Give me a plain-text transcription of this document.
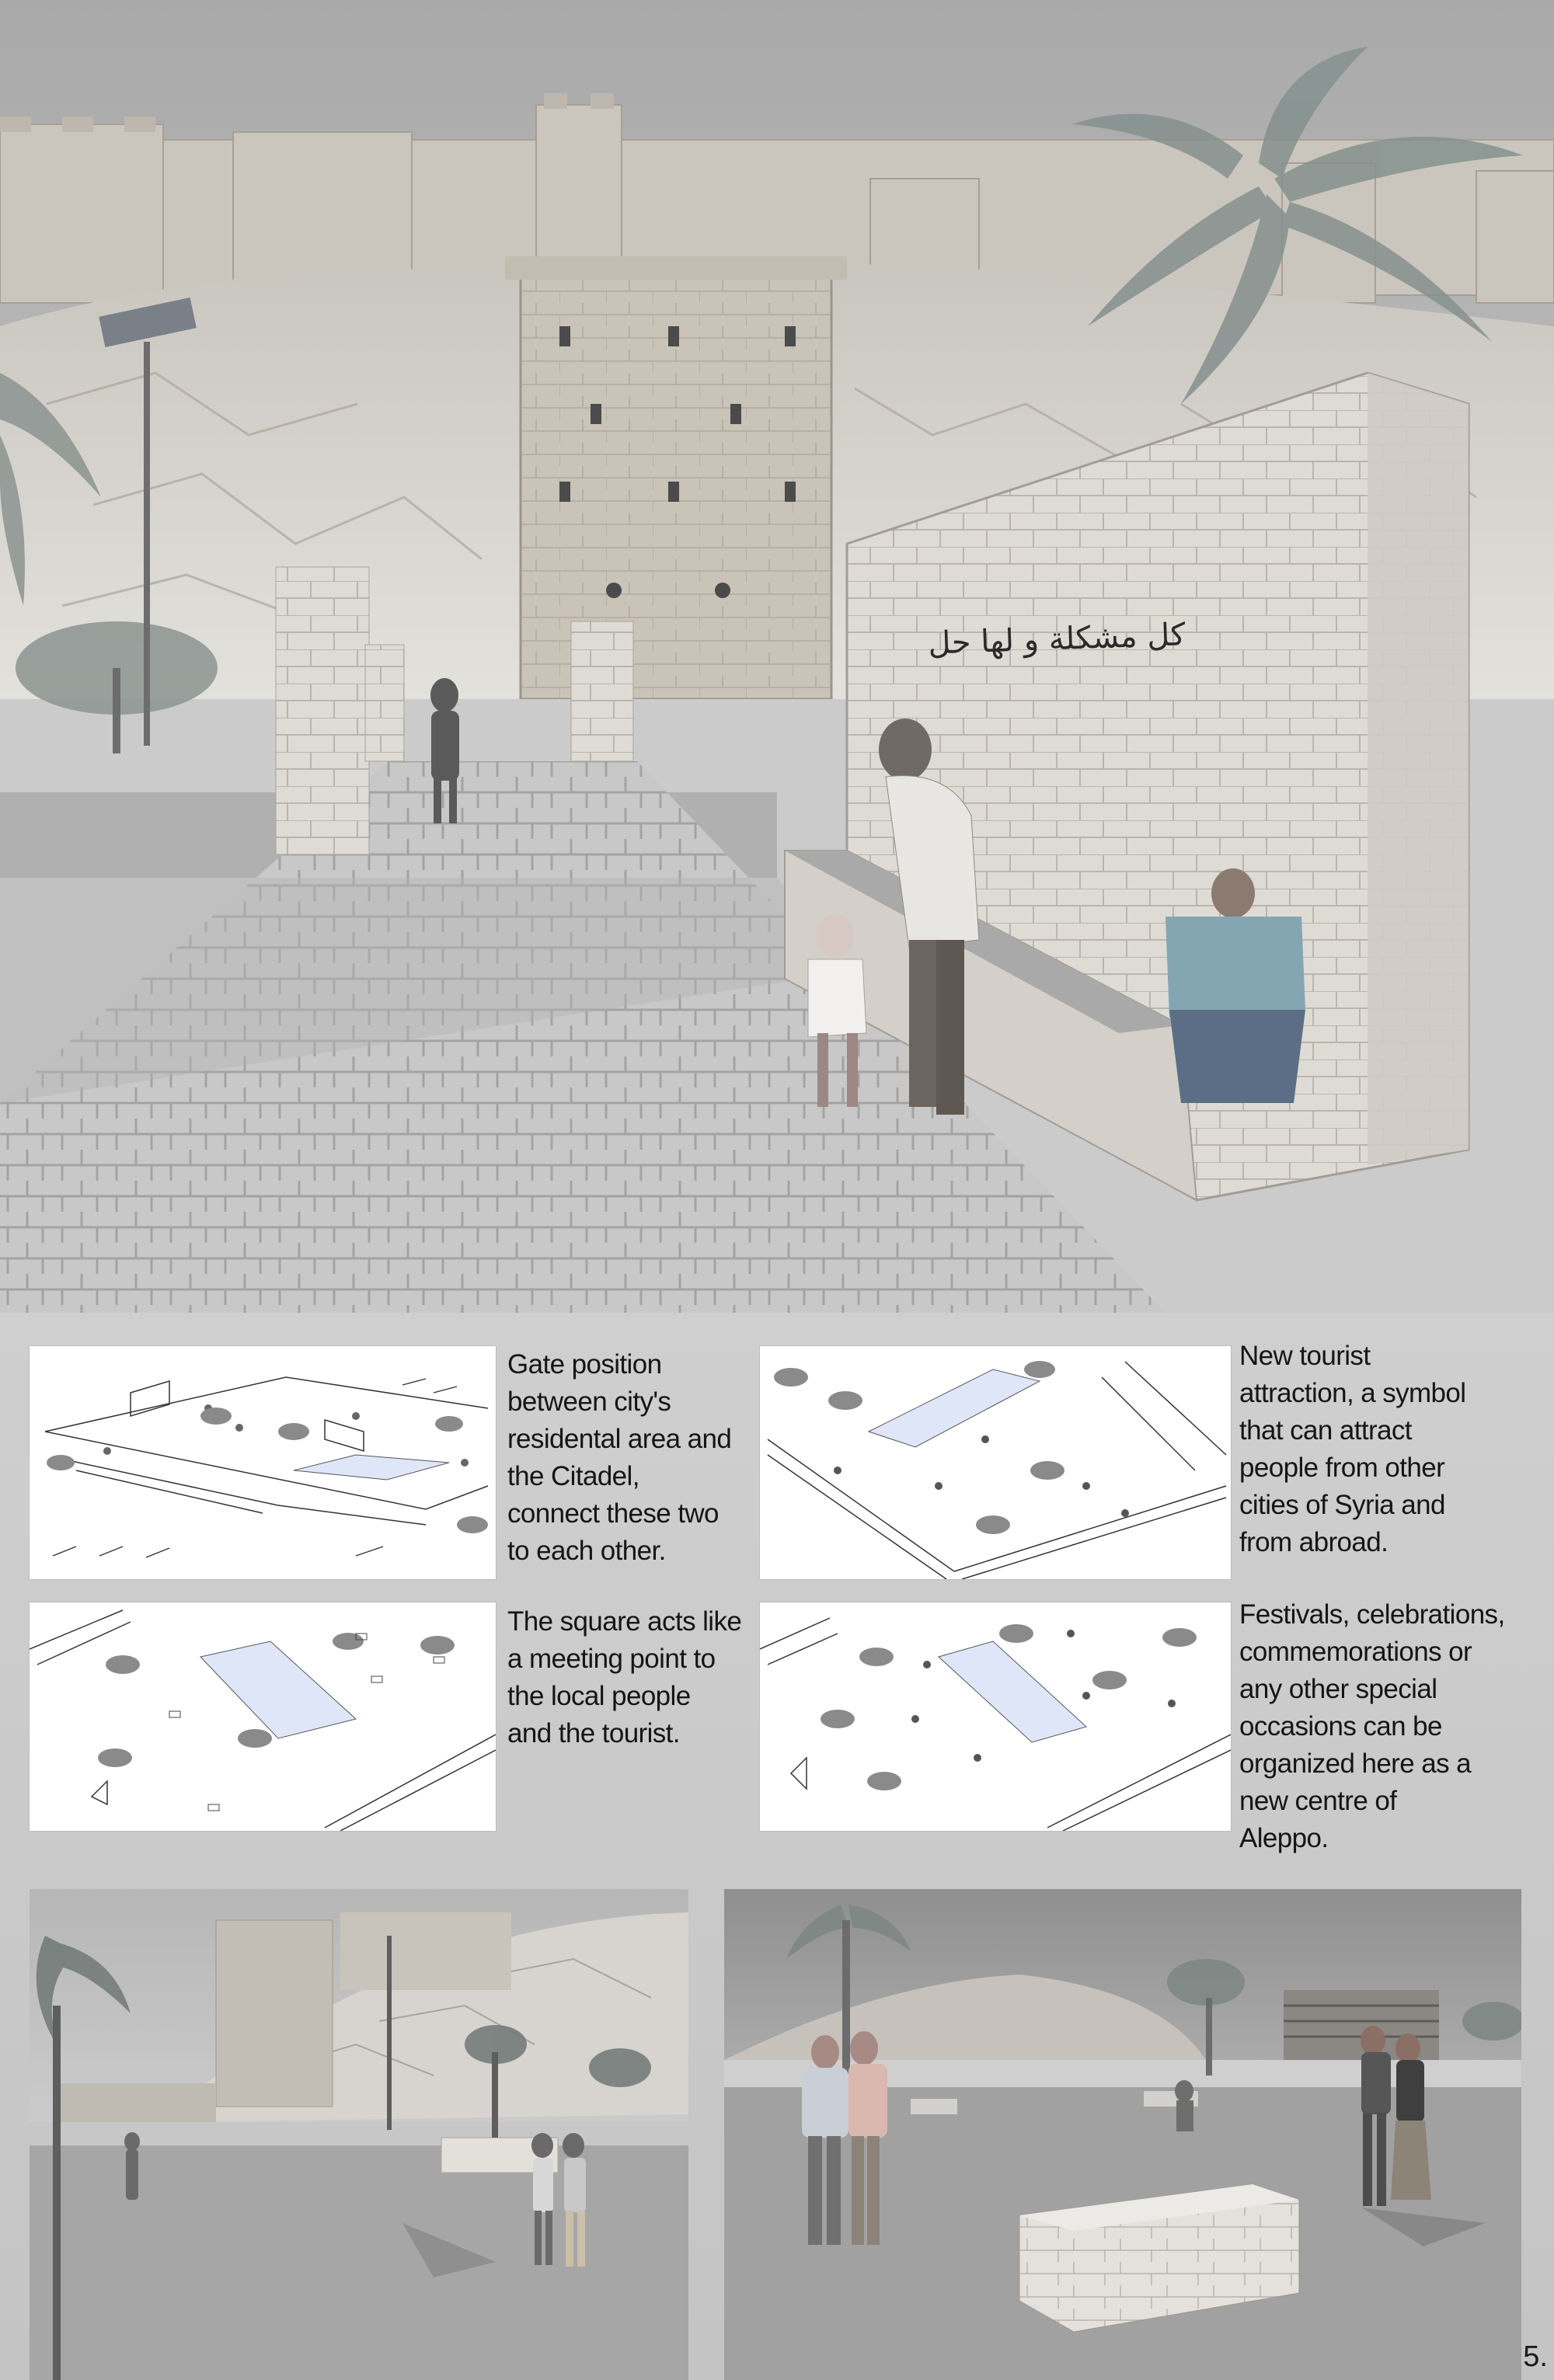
كل مشكلة و لها حل
Gate position
between city's
residental area and
the Citadel,
connect these two
to each other.
New tourist
attraction, a symbol
that can attract
people from other
cities of Syria and
from abroad.
The square acts like
a meeting point to
the local people
and the tourist.
Festivals, celebrations,
commemorations or
any other special
occasions can be
organized here as a
new centre of
Aleppo.
5.
